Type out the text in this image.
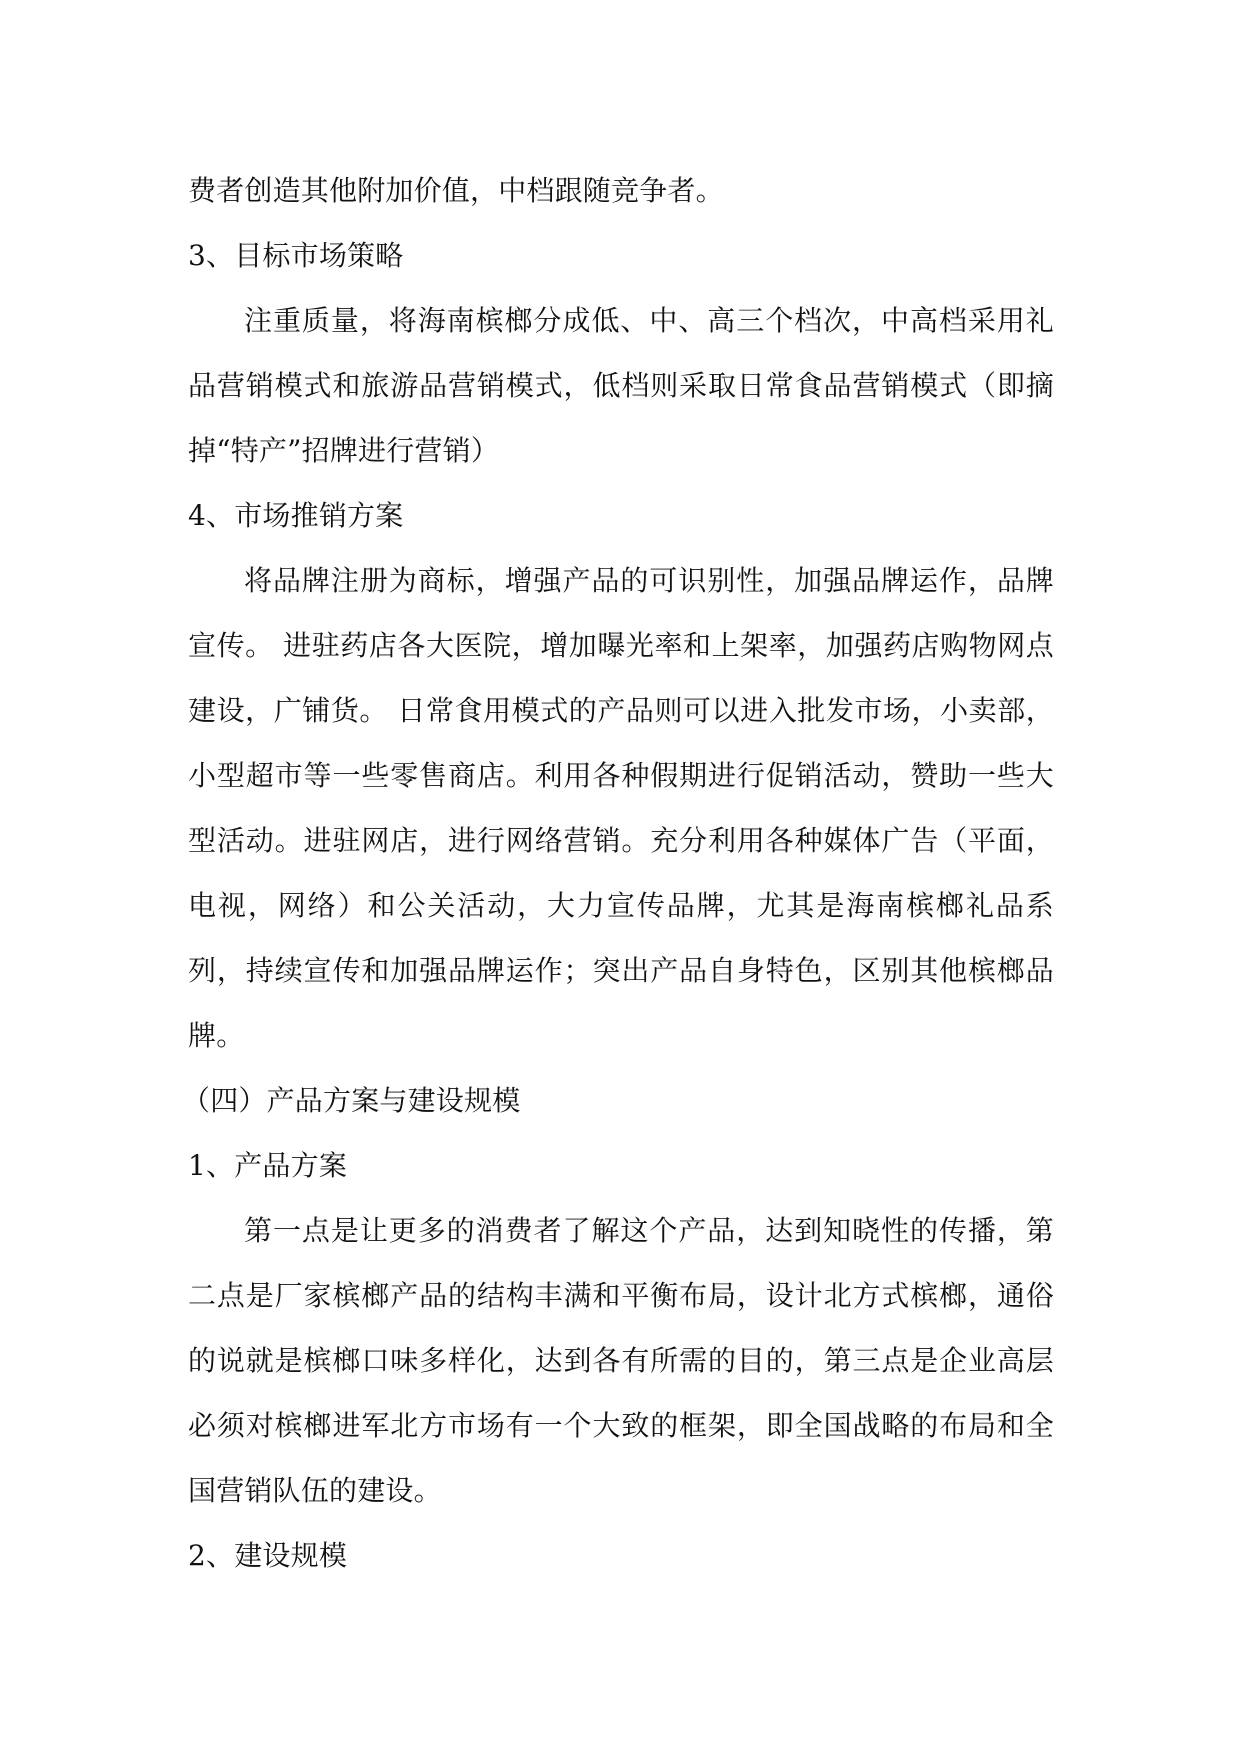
费者创造其他附加价值，中档跟随竞争者。

3、目标市场策略

注重质量，将海南槟榔分成低、中、高三个档次，中高档采用礼品营销模式和旅游品营销模式，低档则采取日常食品营销模式（即摘掉“特产”招牌进行营销）

4、市场推销方案

将品牌注册为商标，增强产品的可识别性，加强品牌运作，品牌宣传。 进驻药店各大医院，增加曝光率和上架率，加强药店购物网点建设，广铺货。 日常食用模式的产品则可以进入批发市场，小卖部，小型超市等一些零售商店。利用各种假期进行促销活动，赞助一些大型活动。进驻网店，进行网络营销。充分利用各种媒体广告（平面，电视，网络）和公关活动，大力宣传品牌，尤其是海南槟榔礼品系列，持续宣传和加强品牌运作；突出产品自身特色，区别其他槟榔品牌。

（四）产品方案与建设规模

1、产品方案

第一点是让更多的消费者了解这个产品，达到知晓性的传播，第二点是厂家槟榔产品的结构丰满和平衡布局，设计北方式槟榔，通俗的说就是槟榔口味多样化，达到各有所需的目的，第三点是企业高层必须对槟榔进军北方市场有一个大致的框架，即全国战略的布局和全国营销队伍的建设。

2、建设规模
